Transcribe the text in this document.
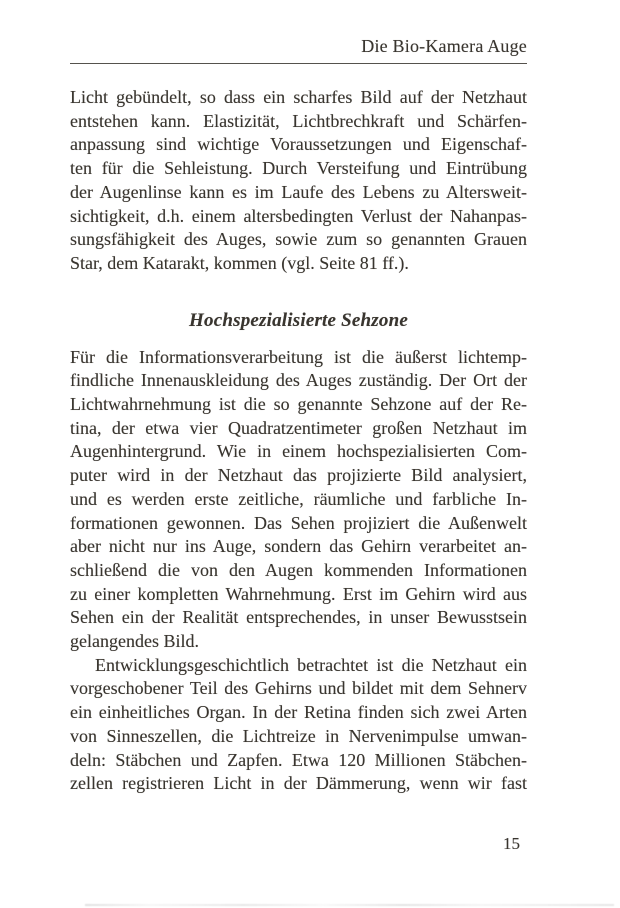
Die Bio-Kamera Auge
Licht gebündelt, so dass ein scharfes Bild auf der Netzhaut
entstehen kann. Elastizität, Lichtbrechkraft und Schärfen-
anpassung sind wichtige Voraussetzungen und Eigenschaf-
ten für die Sehleistung. Durch Versteifung und Eintrübung
der Augenlinse kann es im Laufe des Lebens zu Altersweit-
sichtigkeit, d.h. einem altersbedingten Verlust der Nahanpas-
sungsfähigkeit des Auges, sowie zum so genannten Grauen
Star, dem Katarakt, kommen (vgl. Seite 81 ff.).
Hochspezialisierte Sehzone
Für die Informationsverarbeitung ist die äußerst lichtemp-
findliche Innenauskleidung des Auges zuständig. Der Ort der
Lichtwahrnehmung ist die so genannte Sehzone auf der Re-
tina, der etwa vier Quadratzentimeter großen Netzhaut im
Augenhintergrund. Wie in einem hochspezialisierten Com-
puter wird in der Netzhaut das projizierte Bild analysiert,
und es werden erste zeitliche, räumliche und farbliche In-
formationen gewonnen. Das Sehen projiziert die Außenwelt
aber nicht nur ins Auge, sondern das Gehirn verarbeitet an-
schließend die von den Augen kommenden Informationen
zu einer kompletten Wahrnehmung. Erst im Gehirn wird aus
Sehen ein der Realität entsprechendes, in unser Bewusstsein
gelangendes Bild.
Entwicklungsgeschichtlich betrachtet ist die Netzhaut ein
vorgeschobener Teil des Gehirns und bildet mit dem Sehnerv
ein einheitliches Organ. In der Retina finden sich zwei Arten
von Sinneszellen, die Lichtreize in Nervenimpulse umwan-
deln: Stäbchen und Zapfen. Etwa 120 Millionen Stäbchen-
zellen registrieren Licht in der Dämmerung, wenn wir fast
15
